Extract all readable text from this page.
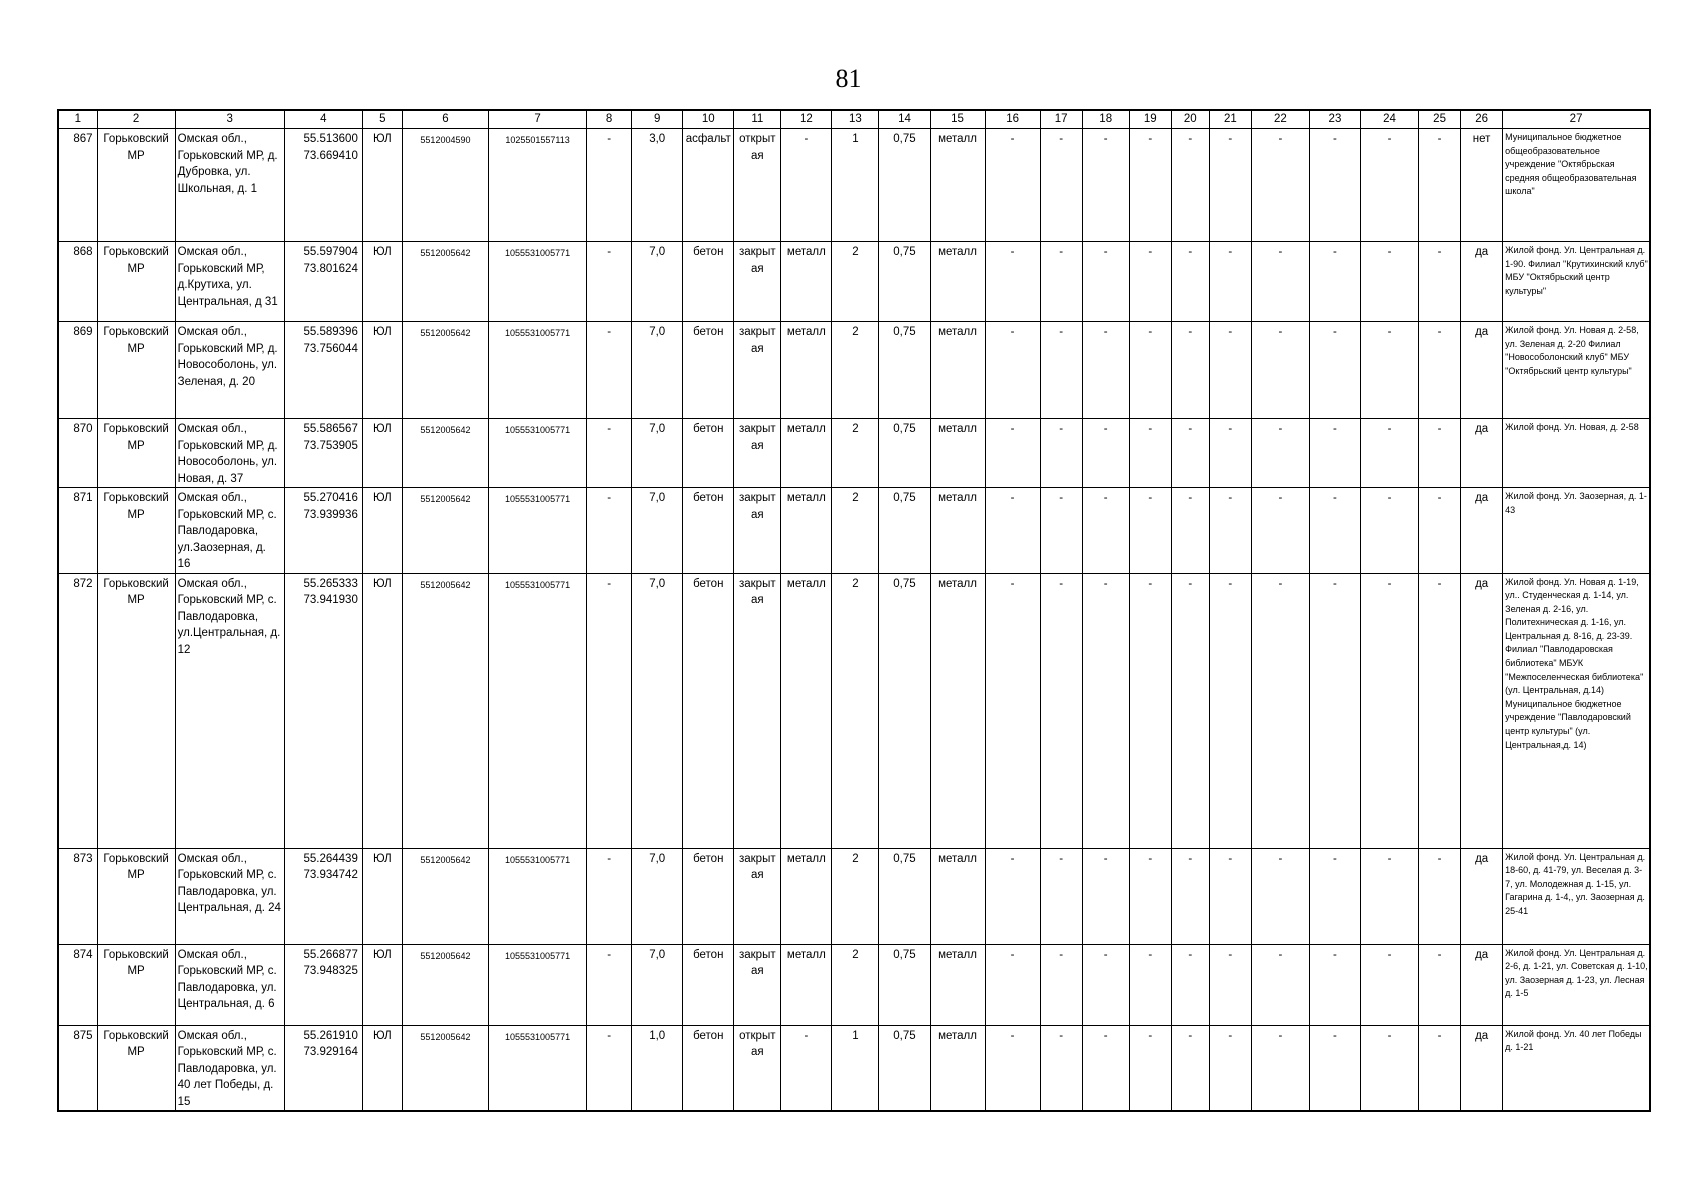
81
1	2	3	4	5	6	7	8	9	10	11	12	13	14	15	16	17	18	19	20	21	22	23	24	25	26	27
867	Горьковский МР	Омская обл., Горьковский МР, д. Дубровка, ул. Школьная, д. 1	55.513600 73.669410	ЮЛ	5512004590	1025501557113	-	3,0	асфальт	открытая	-	1	0,75	металл	-	-	-	-	-	-	-	-	-	-	нет	Муниципальное бюджетное общеобразовательное учреждение "Октябрьская средняя общеобразовательная школа"
868	Горьковский МР	Омская обл., Горьковский МР, д.Крутиха, ул. Центральная, д 31	55.597904 73.801624	ЮЛ	5512005642	1055531005771	-	7,0	бетон	закрытая	металл	2	0,75	металл	-	-	-	-	-	-	-	-	-	-	да	Жилой фонд. Ул. Центральная д. 1-90. Филиал "Крутихинский клуб" МБУ "Октябрьский центр культуры"
869	Горьковский МР	Омская обл., Горьковский МР, д. Новособолонь, ул. Зеленая, д. 20	55.589396 73.756044	ЮЛ	5512005642	1055531005771	-	7,0	бетон	закрытая	металл	2	0,75	металл	-	-	-	-	-	-	-	-	-	-	да	Жилой фонд. Ул. Новая д. 2-58, ул. Зеленая д. 2-20 Филиал "Новособолонский клуб" МБУ "Октябрьский центр культуры"
870	Горьковский МР	Омская обл., Горьковский МР, д. Новособолонь, ул. Новая, д. 37	55.586567 73.753905	ЮЛ	5512005642	1055531005771	-	7,0	бетон	закрытая	металл	2	0,75	металл	-	-	-	-	-	-	-	-	-	-	да	Жилой фонд. Ул. Новая, д. 2-58
871	Горьковский МР	Омская обл., Горьковский МР, с. Павлодаровка, ул.Заозерная, д. 16	55.270416 73.939936	ЮЛ	5512005642	1055531005771	-	7,0	бетон	закрытая	металл	2	0,75	металл	-	-	-	-	-	-	-	-	-	-	да	Жилой фонд. Ул. Заозерная, д. 1-43
872	Горьковский МР	Омская обл., Горьковский МР, с. Павлодаровка, ул.Центральная, д. 12	55.265333 73.941930	ЮЛ	5512005642	1055531005771	-	7,0	бетон	закрытая	металл	2	0,75	металл	-	-	-	-	-	-	-	-	-	-	да	Жилой фонд. Ул. Новая д. 1-19, ул.. Студенческая д. 1-14, ул. Зеленая д. 2-16, ул. Политехническая д. 1-16, ул. Центральная д. 8-16, д. 23-39. Филиал "Павлодаровская библиотека" МБУК "Межпоселенческая библиотека" (ул. Центральная, д.14) Муниципальное бюджетное учреждение "Павлодаровский центр культуры" (ул. Центральная,д. 14)
873	Горьковский МР	Омская обл., Горьковский МР, с. Павлодаровка, ул. Центральная, д. 24	55.264439 73.934742	ЮЛ	5512005642	1055531005771	-	7,0	бетон	закрытая	металл	2	0,75	металл	-	-	-	-	-	-	-	-	-	-	да	Жилой фонд. Ул. Центральная д. 18-60, д. 41-79, ул. Веселая д. 3-7, ул. Молодежная д. 1-15, ул. Гагарина д. 1-4,, ул. Заозерная д. 25-41
874	Горьковский МР	Омская обл., Горьковский МР, с. Павлодаровка, ул. Центральная, д. 6	55.266877 73.948325	ЮЛ	5512005642	1055531005771	-	7,0	бетон	закрытая	металл	2	0,75	металл	-	-	-	-	-	-	-	-	-	-	да	Жилой фонд. Ул. Центральная д. 2-6, д. 1-21, ул. Советская д. 1-10, ул. Заозерная д. 1-23, ул. Лесная д. 1-5
875	Горьковский МР	Омская обл., Горьковский МР, с. Павлодаровка, ул. 40 лет Победы, д. 15	55.261910 73.929164	ЮЛ	5512005642	1055531005771	-	1,0	бетон	открытая	-	1	0,75	металл	-	-	-	-	-	-	-	-	-	-	да	Жилой фонд. Ул. 40 лет Победы д. 1-21
